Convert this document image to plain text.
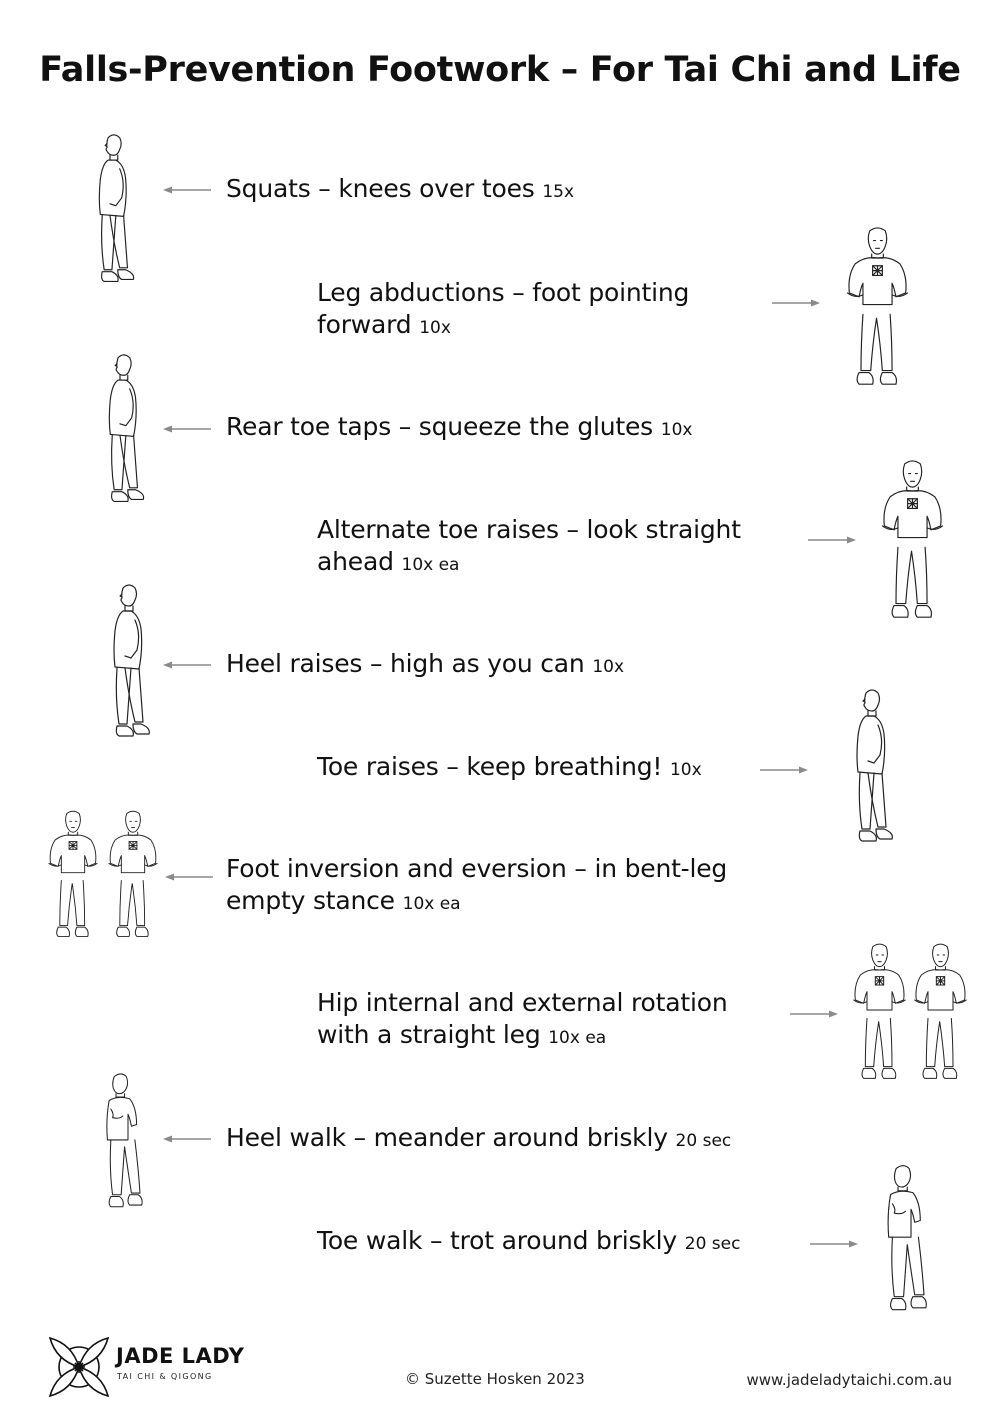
Falls-Prevention Footwork – For Tai Chi and Life
Squats – knees over toes 15x
Leg abductions – foot pointing
forward 10x
Rear toe taps – squeeze the glutes 10x
Alternate toe raises – look straight
ahead 10x ea
Heel raises – high as you can 10x
Toe raises – keep breathing! 10x
Foot inversion and eversion – in bent-leg
empty stance 10x ea
Hip internal and external rotation
with a straight leg 10x ea
Heel walk – meander around briskly 20 sec
Toe walk – trot around briskly 20 sec
JADE LADY
TAI CHI & QIGONG	© Suzette Hosken 2023	www.jadeladytaichi.com.au
